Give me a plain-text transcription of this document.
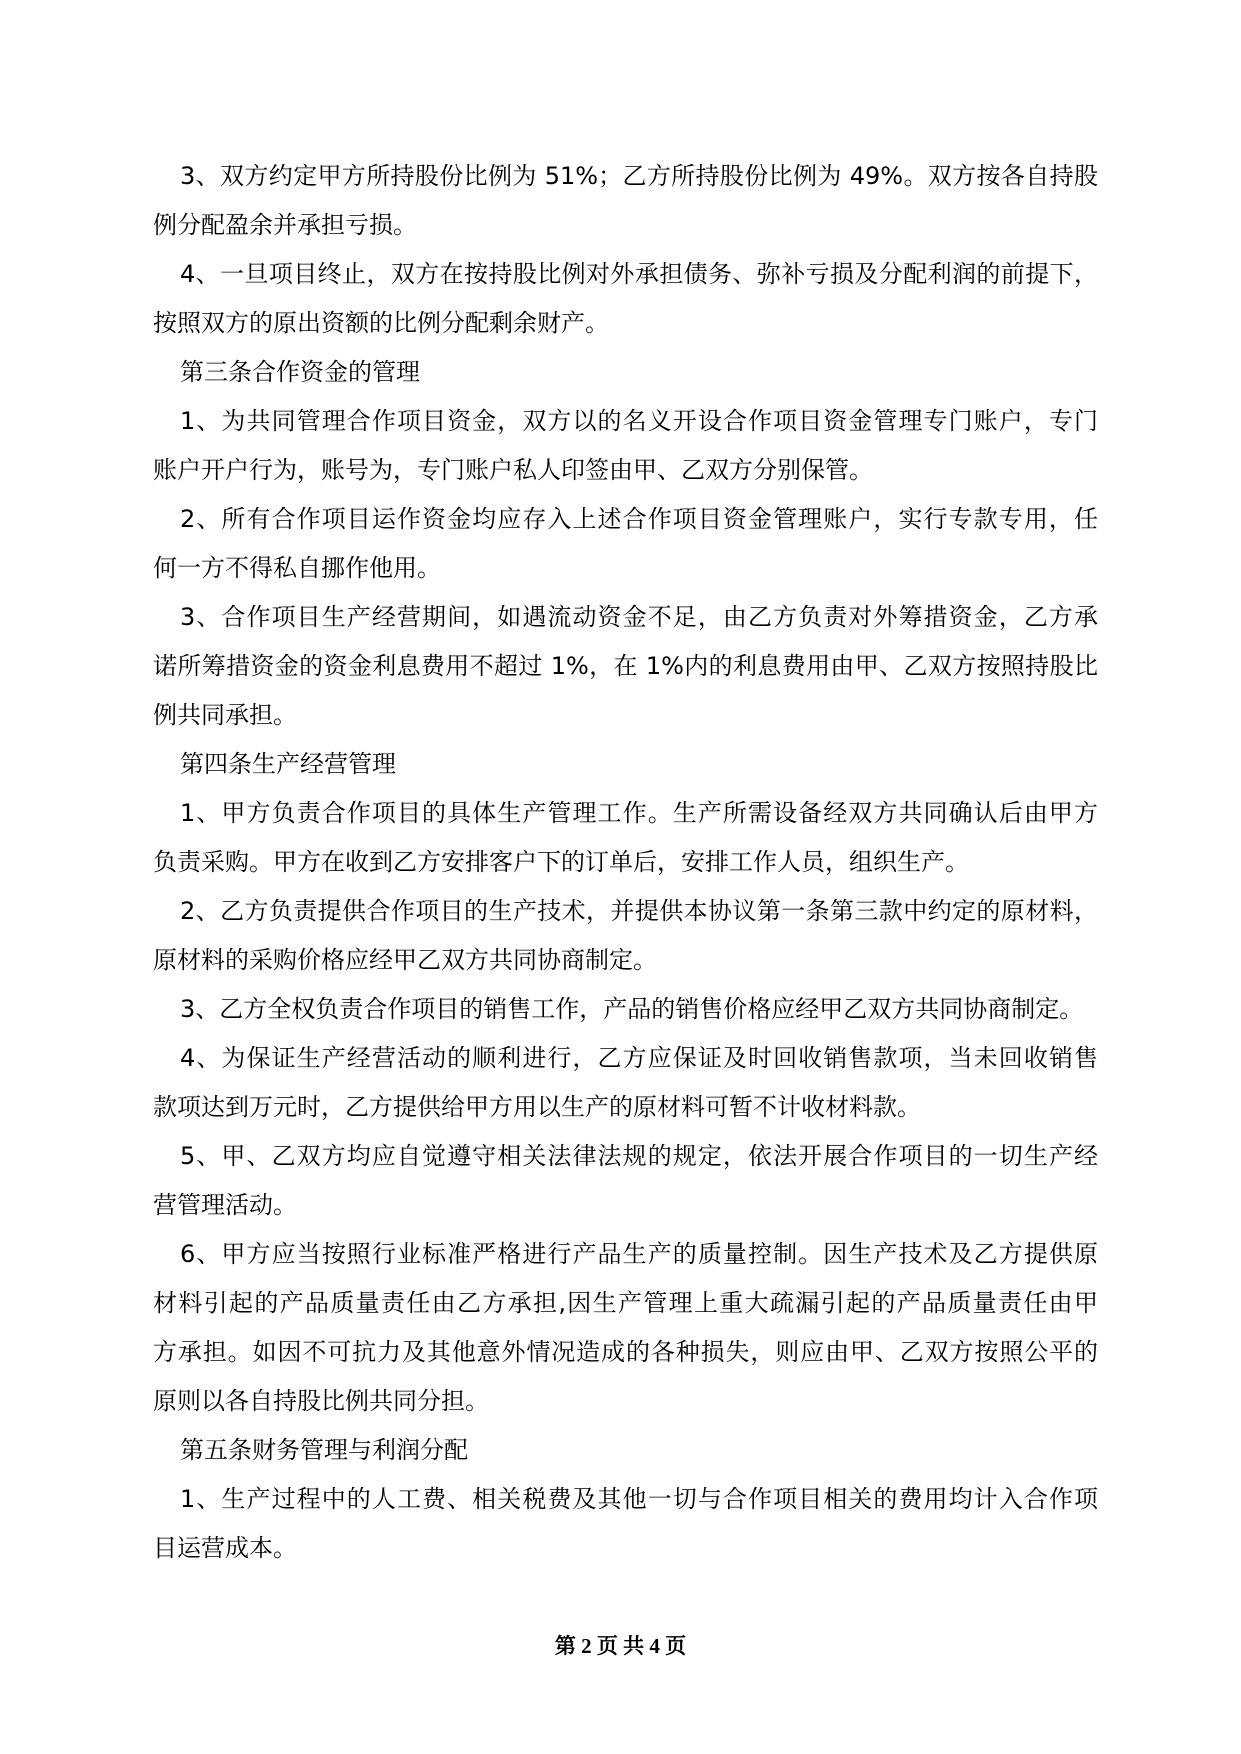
3、双方约定甲方所持股份比例为 51%；乙方所持股份比例为 49%。双方按各自持股
例分配盈余并承担亏损。
4、一旦项目终止，双方在按持股比例对外承担债务、弥补亏损及分配利润的前提下，
按照双方的原出资额的比例分配剩余财产。
第三条合作资金的管理
1、为共同管理合作项目资金，双方以的名义开设合作项目资金管理专门账户，专门
账户开户行为，账号为，专门账户私人印签由甲、乙双方分别保管。
2、所有合作项目运作资金均应存入上述合作项目资金管理账户，实行专款专用，任
何一方不得私自挪作他用。
3、合作项目生产经营期间，如遇流动资金不足，由乙方负责对外筹措资金，乙方承
诺所筹措资金的资金利息费用不超过 1%，在 1%内的利息费用由甲、乙双方按照持股比
例共同承担。
第四条生产经营管理
1、甲方负责合作项目的具体生产管理工作。生产所需设备经双方共同确认后由甲方
负责采购。甲方在收到乙方安排客户下的订单后，安排工作人员，组织生产。
2、乙方负责提供合作项目的生产技术，并提供本协议第一条第三款中约定的原材料，
原材料的采购价格应经甲乙双方共同协商制定。
3、乙方全权负责合作项目的销售工作，产品的销售价格应经甲乙双方共同协商制定。
4、为保证生产经营活动的顺利进行，乙方应保证及时回收销售款项，当未回收销售
款项达到万元时，乙方提供给甲方用以生产的原材料可暂不计收材料款。
5、甲、乙双方均应自觉遵守相关法律法规的规定，依法开展合作项目的一切生产经
营管理活动。
6、甲方应当按照行业标准严格进行产品生产的质量控制。因生产技术及乙方提供原
材料引起的产品质量责任由乙方承担,因生产管理上重大疏漏引起的产品质量责任由甲
方承担。如因不可抗力及其他意外情况造成的各种损失，则应由甲、乙双方按照公平的
原则以各自持股比例共同分担。
第五条财务管理与利润分配
1、生产过程中的人工费、相关税费及其他一切与合作项目相关的费用均计入合作项
目运营成本。
第 2 页 共 4 页
